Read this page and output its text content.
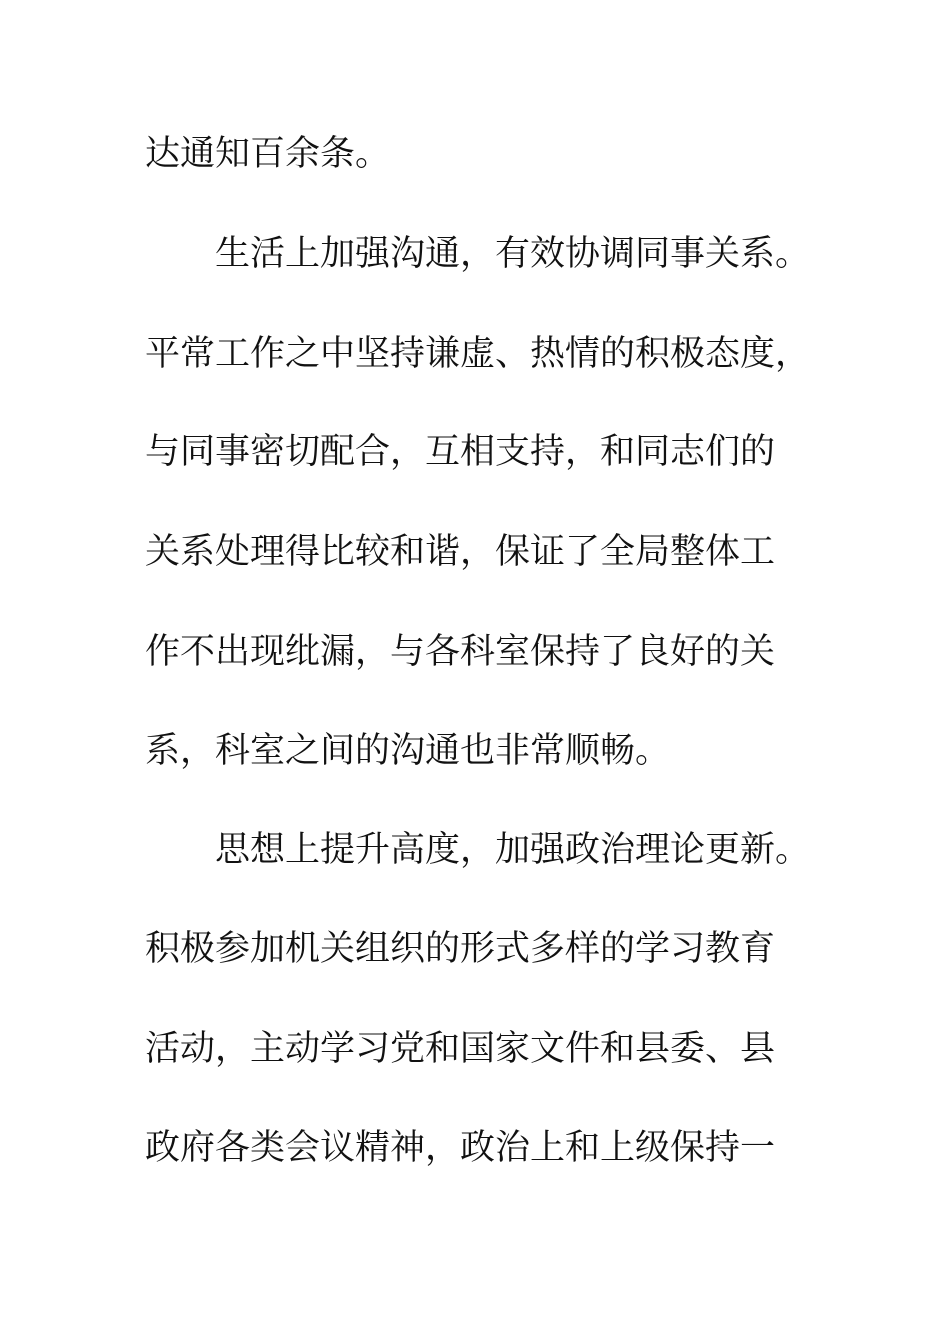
达通知百余条。
生活上加强沟通，有效协调同事关系。
平常工作之中坚持谦虚、热情的积极态度，
与同事密切配合，互相支持，和同志们的
关系处理得比较和谐，保证了全局整体工
作不出现纰漏，与各科室保持了良好的关
系，科室之间的沟通也非常顺畅。
思想上提升高度，加强政治理论更新。
积极参加机关组织的形式多样的学习教育
活动，主动学习党和国家文件和县委、县
政府各类会议精神，政治上和上级保持一
